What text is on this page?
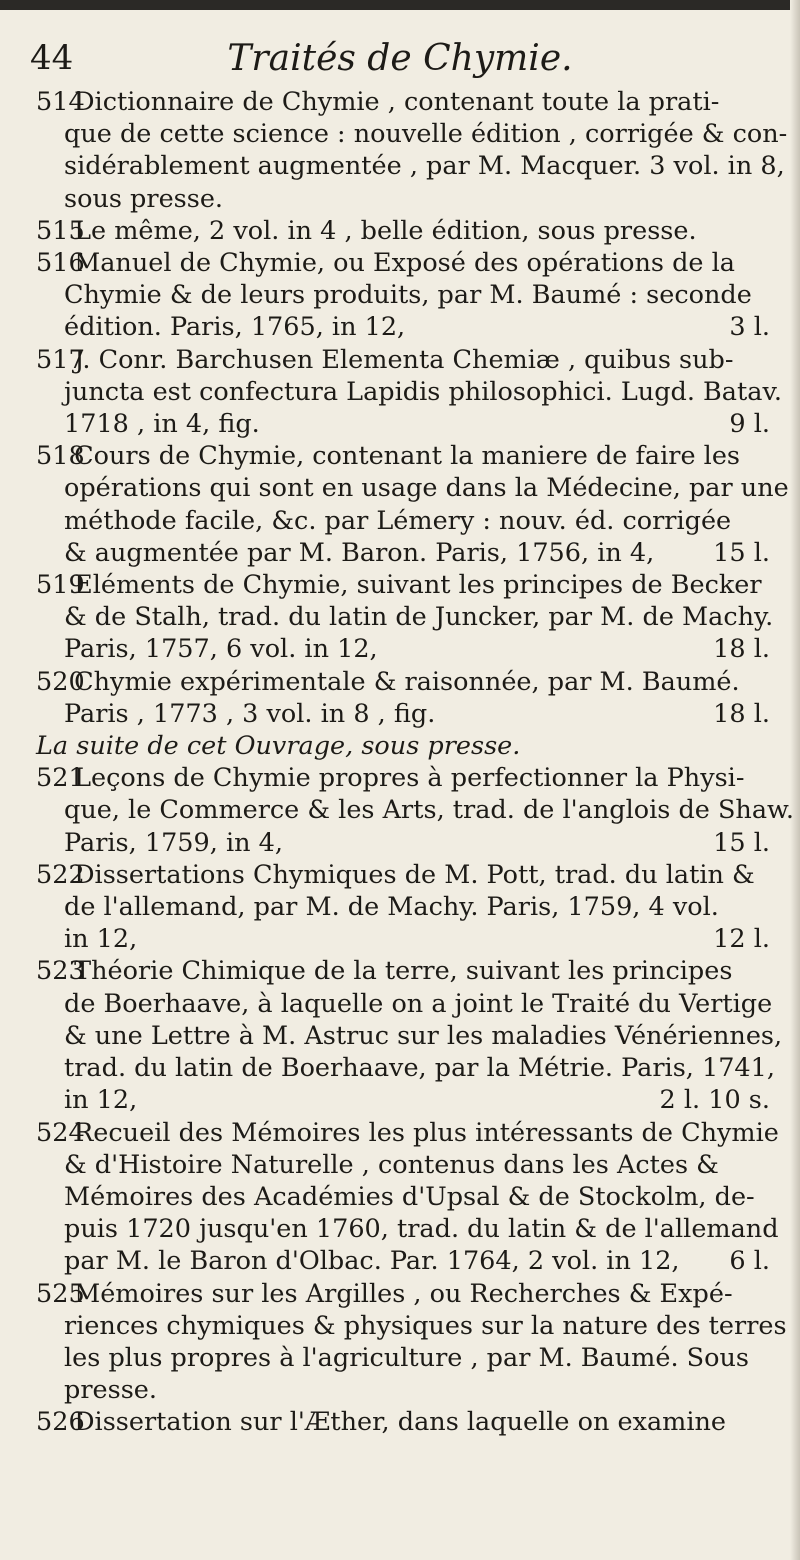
44	Traités de Chymie.
514 Dictionnaire de Chymie , contenant toute la prati-
que de cette science : nouvelle édition , corrigée & con-
sidérablement augmentée , par M. Macquer. 3 vol. in 8,
sous presse.
515 Le même, 2 vol. in 4 , belle édition, sous presse.
516 Manuel de Chymie, ou Exposé des opérations de la
Chymie & de leurs produits, par M. Baumé : seconde
édition. Paris, 1765, in 12,	3 l.
517 J. Conr. Barchusen Elementa Chemiæ , quibus sub-
juncta est confectura Lapidis philosophici. Lugd. Batav.
1718 , in 4, fig.	9 l.
518 Cours de Chymie, contenant la maniere de faire les
opérations qui sont en usage dans la Médecine, par une
méthode facile, &c. par Lémery : nouv. éd. corrigée
& augmentée par M. Baron. Paris, 1756, in 4, 15 l.
519 Eléments de Chymie, suivant les principes de Becker
& de Stalh, trad. du latin de Juncker, par M. de Machy.
Paris, 1757, 6 vol. in 12,	18 l.
520 Chymie expérimentale & raisonnée, par M. Baumé.
Paris , 1773 , 3 vol. in 8 , fig.	18 l.
La suite de cet Ouvrage, sous presse.
521 Leçons de Chymie propres à perfectionner la Physi-
que, le Commerce & les Arts, trad. de l'anglois de Shaw.
Paris, 1759, in 4,	15 l.
522 Dissertations Chymiques de M. Pott, trad. du latin &
de l'allemand, par M. de Machy. Paris, 1759, 4 vol.
in 12,	12 l.
523 Théorie Chimique de la terre, suivant les principes
de Boerhaave, à laquelle on a joint le Traité du Vertige
& une Lettre à M. Astruc sur les maladies Vénériennes,
trad. du latin de Boerhaave, par la Métrie. Paris, 1741,
in 12,	2 l. 10 s.
524 Recueil des Mémoires les plus intéressants de Chymie
& d'Histoire Naturelle , contenus dans les Actes &
Mémoires des Académies d'Upsal & de Stockolm, de-
puis 1720 jusqu'en 1760, trad. du latin & de l'allemand
par M. le Baron d'Olbac. Par. 1764, 2 vol. in 12, 6 l.
525 Mémoires sur les Argilles , ou Recherches & Expé-
riences chymiques & physiques sur la nature des terres
les plus propres à l'agriculture , par M. Baumé. Sous
presse.
526 Dissertation sur l'Æther, dans laquelle on examine
